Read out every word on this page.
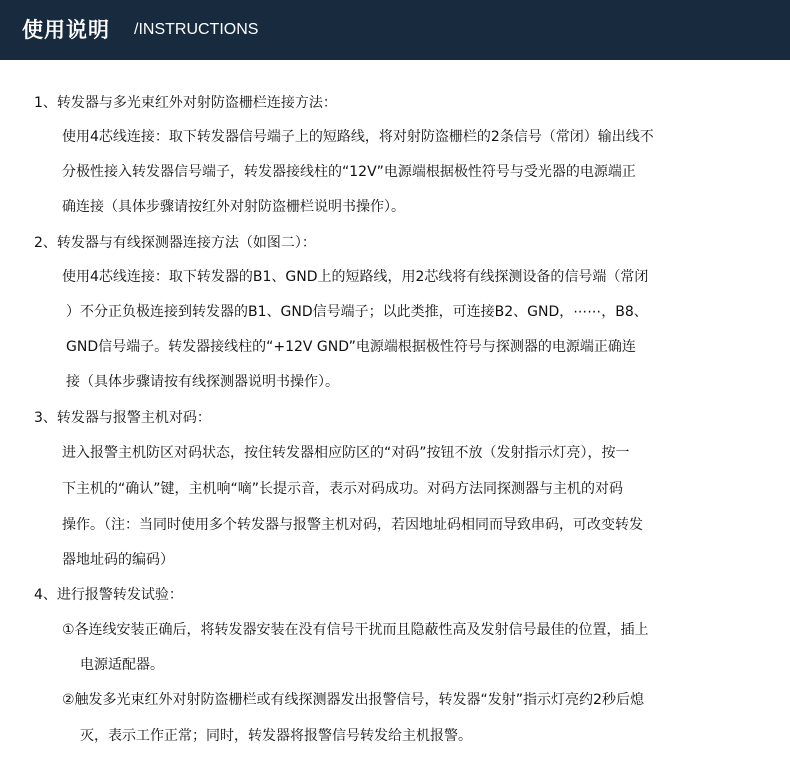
使用说明 /INSTRUCTIONS
1、转发器与多光束红外对射防盗栅栏连接方法：
使用4芯线连接：取下转发器信号端子上的短路线，将对射防盗栅栏的2条信号（常闭）输出线不
分极性接入转发器信号端子，转发器接线柱的“12V”电源端根据极性符号与受光器的电源端正
确连接（具体步骤请按红外对射防盗栅栏说明书操作）。
2、转发器与有线探测器连接方法（如图二）：
使用4芯线连接：取下转发器的B1、GND上的短路线，用2芯线将有线探测设备的信号端（常闭
）不分正负极连接到转发器的B1、GND信号端子；以此类推，可连接B2、GND，⋯⋯，B8、
GND信号端子。转发器接线柱的“+12V GND”电源端根据极性符号与探测器的电源端正确连
接（具体步骤请按有线探测器说明书操作）。
3、转发器与报警主机对码：
进入报警主机防区对码状态，按住转发器相应防区的“对码”按钮不放（发射指示灯亮），按一
下主机的“确认”键，主机响“嘀”长提示音，表示对码成功。对码方法同探测器与主机的对码
操作。（注：当同时使用多个转发器与报警主机对码，若因地址码相同而导致串码，可改变转发
器地址码的编码）
4、进行报警转发试验：
①各连线安装正确后，将转发器安装在没有信号干扰而且隐蔽性高及发射信号最佳的位置，插上
电源适配器。
②触发多光束红外对射防盗栅栏或有线探测器发出报警信号，转发器“发射”指示灯亮约2秒后熄
灭，表示工作正常；同时，转发器将报警信号转发给主机报警。
